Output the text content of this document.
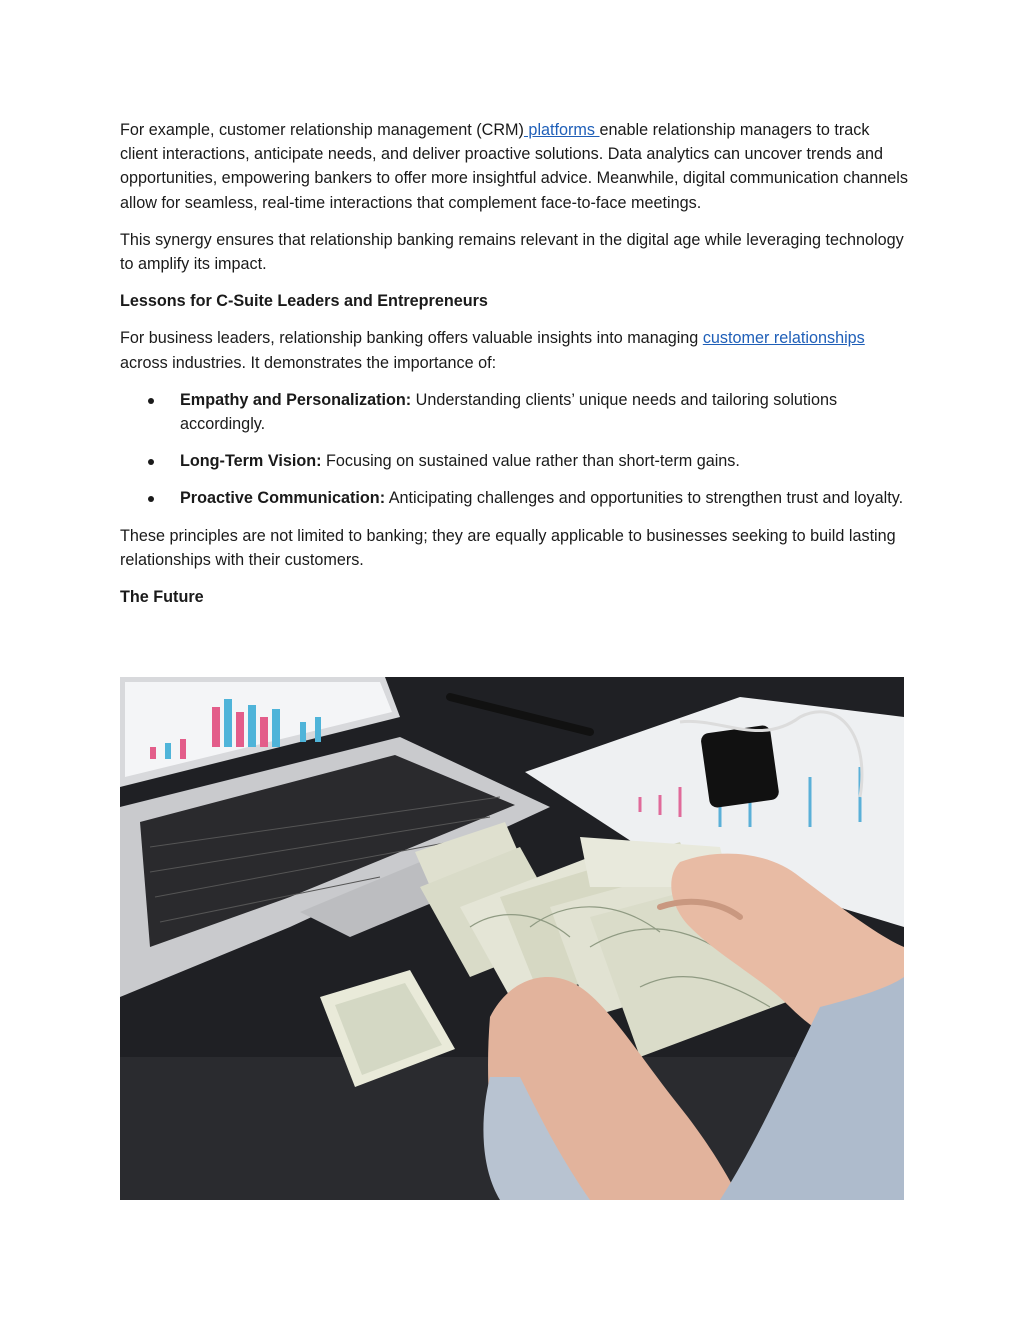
For example, customer relationship management (CRM) platforms enable relationship managers to track client interactions, anticipate needs, and deliver proactive solutions. Data analytics can uncover trends and opportunities, empowering bankers to offer more insightful advice. Meanwhile, digital communication channels allow for seamless, real-time interactions that complement face-to-face meetings.

This synergy ensures that relationship banking remains relevant in the digital age while leveraging technology to amplify its impact.

Lessons for C-Suite Leaders and Entrepreneurs

For business leaders, relationship banking offers valuable insights into managing customer relationships across industries. It demonstrates the importance of:

Empathy and Personalization: Understanding clients’ unique needs and tailoring solutions accordingly.
Long-Term Vision: Focusing on sustained value rather than short-term gains.
Proactive Communication: Anticipating challenges and opportunities to strengthen trust and loyalty.

These principles are not limited to banking; they are equally applicable to businesses seeking to build lasting relationships with their customers.

The Future
